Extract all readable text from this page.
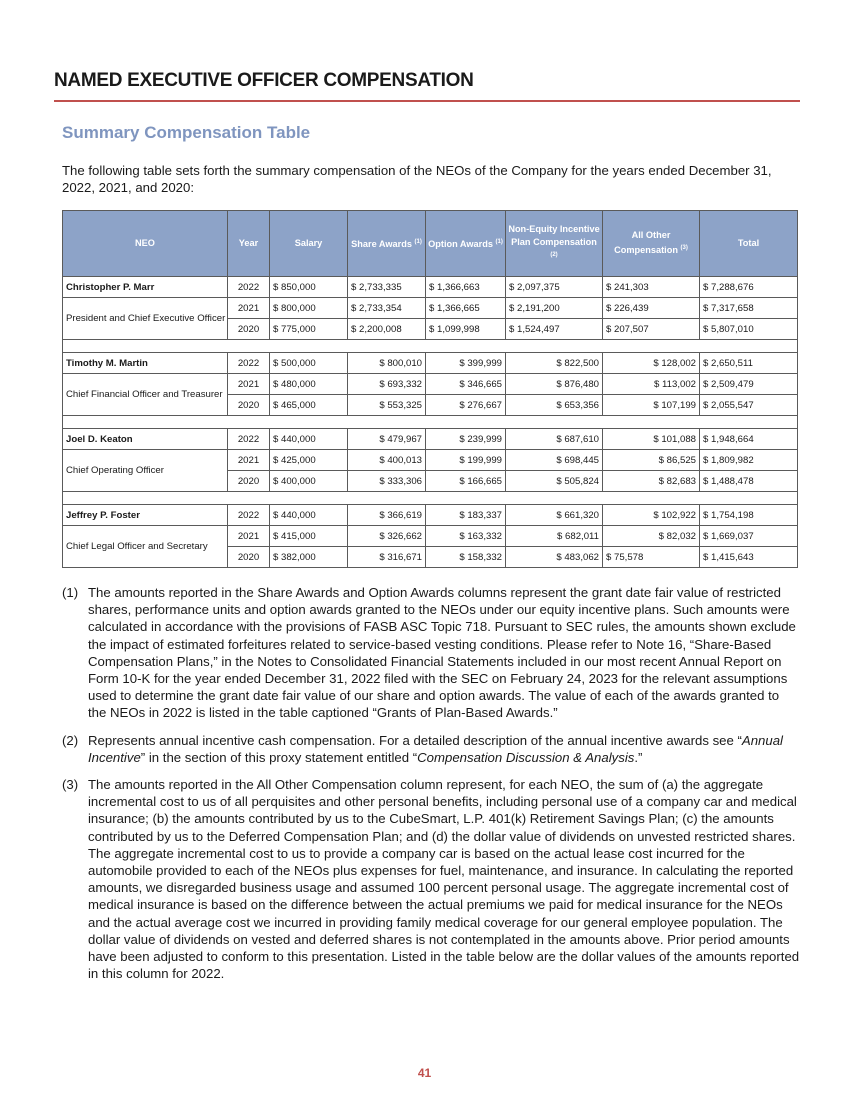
NAMED EXECUTIVE OFFICER COMPENSATION
Summary Compensation Table
The following table sets forth the summary compensation of the NEOs of the Company for the years ended December 31, 2022, 2021, and 2020:
NEO	Year	Salary	Share Awards $^{(1)}$	Option Awards $^{(1)}$	Non-Equity Incentive Plan Compensation $^{(2)}$	All Other Compensation $^{(3)}$	Total
Christopher P. Marr	2022	$ 850,000	$ 2,733,335	$ 1,366,663	$ 2,097,375	$ 241,303	$ 7,288,676
President and Chief Executive Officer	2021	$ 800,000	$ 2,733,354	$ 1,366,665	$ 2,191,200	$ 226,439	$ 7,317,658
	2020	$ 775,000	$ 2,200,008	$ 1,099,998	$ 1,524,497	$ 207,507	$ 5,807,010

Timothy M. Martin	2022	$ 500,000	$ 800,010	$ 399,999	$ 822,500	$ 128,002	$ 2,650,511
Chief Financial Officer and Treasurer	2021	$ 480,000	$ 693,332	$ 346,665	$ 876,480	$ 113,002	$ 2,509,479
	2020	$ 465,000	$ 553,325	$ 276,667	$ 653,356	$ 107,199	$ 2,055,547

Joel D. Keaton	2022	$ 440,000	$ 479,967	$ 239,999	$ 687,610	$ 101,088	$ 1,948,664
Chief Operating Officer	2021	$ 425,000	$ 400,013	$ 199,999	$ 698,445	$ 86,525	$ 1,809,982
	2020	$ 400,000	$ 333,306	$ 166,665	$ 505,824	$ 82,683	$ 1,488,478

Jeffrey P. Foster	2022	$ 440,000	$ 366,619	$ 183,337	$ 661,320	$ 102,922	$ 1,754,198
Chief Legal Officer and Secretary	2021	$ 415,000	$ 326,662	$ 163,332	$ 682,011	$ 82,032	$ 1,669,037
	2020	$ 382,000	$ 316,671	$ 158,332	$ 483,062	$ 75,578	$ 1,415,643
(1) The amounts reported in the Share Awards and Option Awards columns represent the grant date fair value of restricted shares, performance units and option awards granted to the NEOs under our equity incentive plans. Such amounts were calculated in accordance with the provisions of FASB ASC Topic 718. Pursuant to SEC rules, the amounts shown exclude the impact of estimated forfeitures related to service-based vesting conditions. Please refer to Note 16, “Share-Based Compensation Plans,” in the Notes to Consolidated Financial Statements included in our most recent Annual Report on Form 10-K for the year ended December 31, 2022 filed with the SEC on February 24, 2023 for the relevant assumptions used to determine the grant date fair value of our share and option awards. The value of each of the awards granted to the NEOs in 2022 is listed in the table captioned “Grants of Plan-Based Awards.”
(2) Represents annual incentive cash compensation. For a detailed description of the annual incentive awards see “Annual Incentive” in the section of this proxy statement entitled “Compensation Discussion & Analysis.”
(3) The amounts reported in the All Other Compensation column represent, for each NEO, the sum of (a) the aggregate incremental cost to us of all perquisites and other personal benefits, including personal use of a company car and medical insurance; (b) the amounts contributed by us to the CubeSmart, L.P. 401(k) Retirement Savings Plan; (c) the amounts contributed by us to the Deferred Compensation Plan; and (d) the dollar value of dividends on unvested restricted shares. The aggregate incremental cost to us to provide a company car is based on the actual lease cost incurred for the automobile provided to each of the NEOs plus expenses for fuel, maintenance, and insurance. In calculating the reported amounts, we disregarded business usage and assumed 100 percent personal usage. The aggregate incremental cost of medical insurance is based on the difference between the actual premiums we paid for medical insurance for the NEOs and the actual average cost we incurred in providing family medical coverage for our general employee population. The dollar value of dividends on vested and deferred shares is not contemplated in the amounts above. Prior period amounts have been adjusted to conform to this presentation. Listed in the table below are the dollar values of the amounts reported in this column for 2022.
41
